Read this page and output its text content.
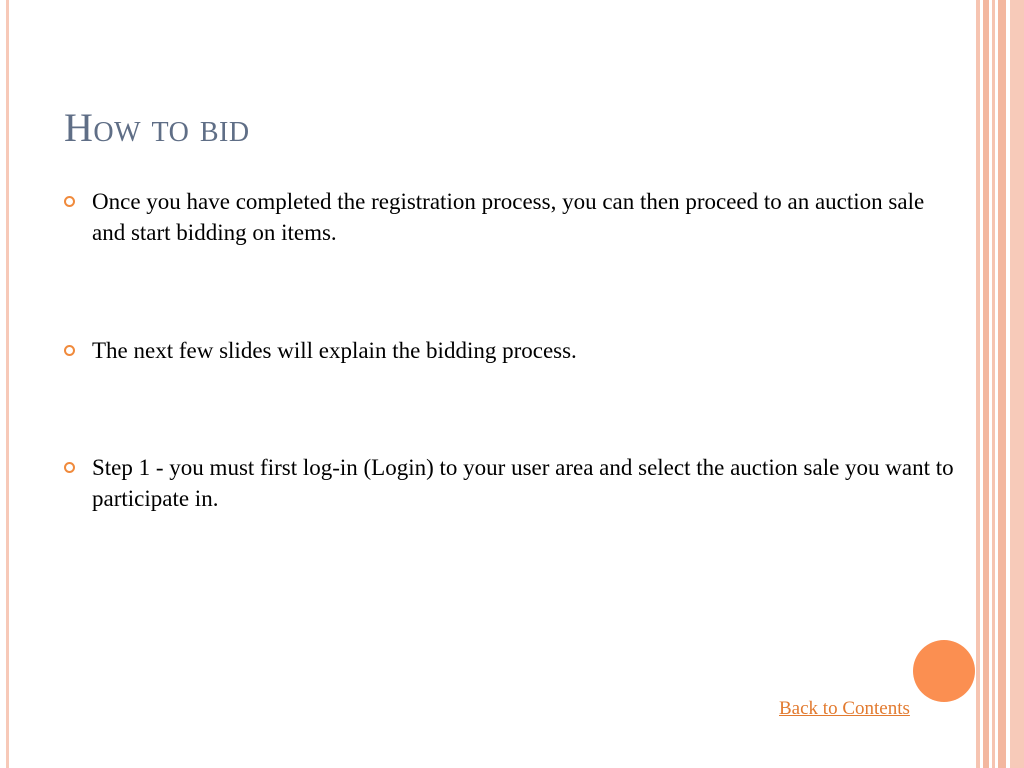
How to bid
Once you have completed the registration process, you can then proceed to an auction sale and start bidding on items.
The next few slides will explain the bidding process.
Step 1 - you must first log-in (Login) to your user area and select the auction sale you want to participate in.
Back to Contents
